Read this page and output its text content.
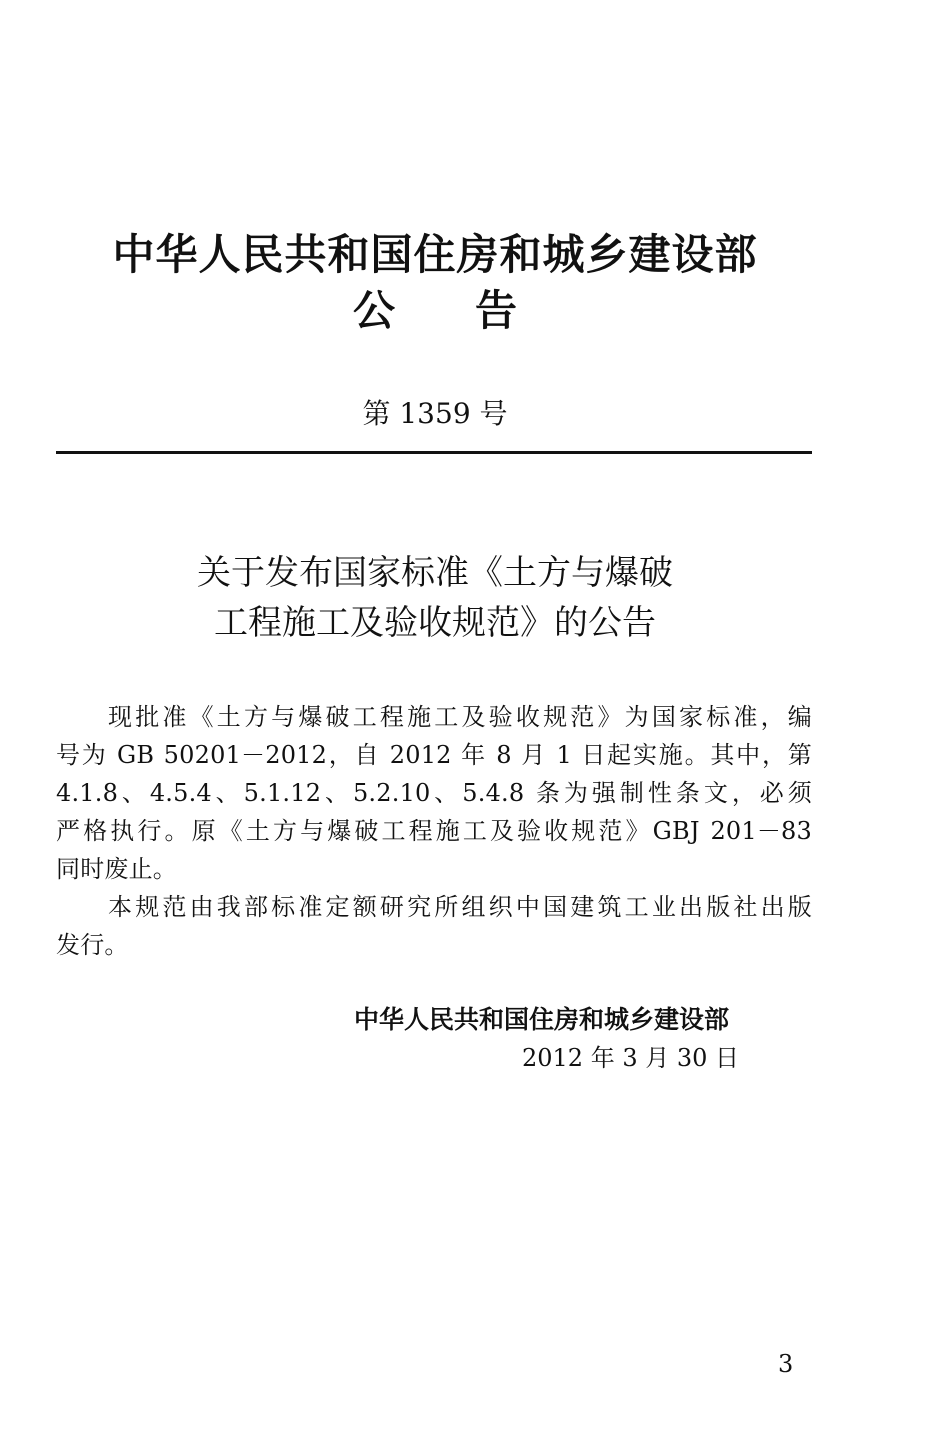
中华人民共和国住房和城乡建设部
公告
第 1359 号
关于发布国家标准《土方与爆破
工程施工及验收规范》的公告
现批准《土方与爆破工程施工及验收规范》为国家标准，编
号为 GB 50201－2012，自 2012 年 8 月 1 日起实施。其中，第
4.1.8、4.5.4、5.1.12、5.2.10、5.4.8 条为强制性条文，必须
严格执行。原《土方与爆破工程施工及验收规范》GBJ 201－83
同时废止。
本规范由我部标准定额研究所组织中国建筑工业出版社出版
发行。
中华人民共和国住房和城乡建设部
2012 年 3 月 30 日
3
